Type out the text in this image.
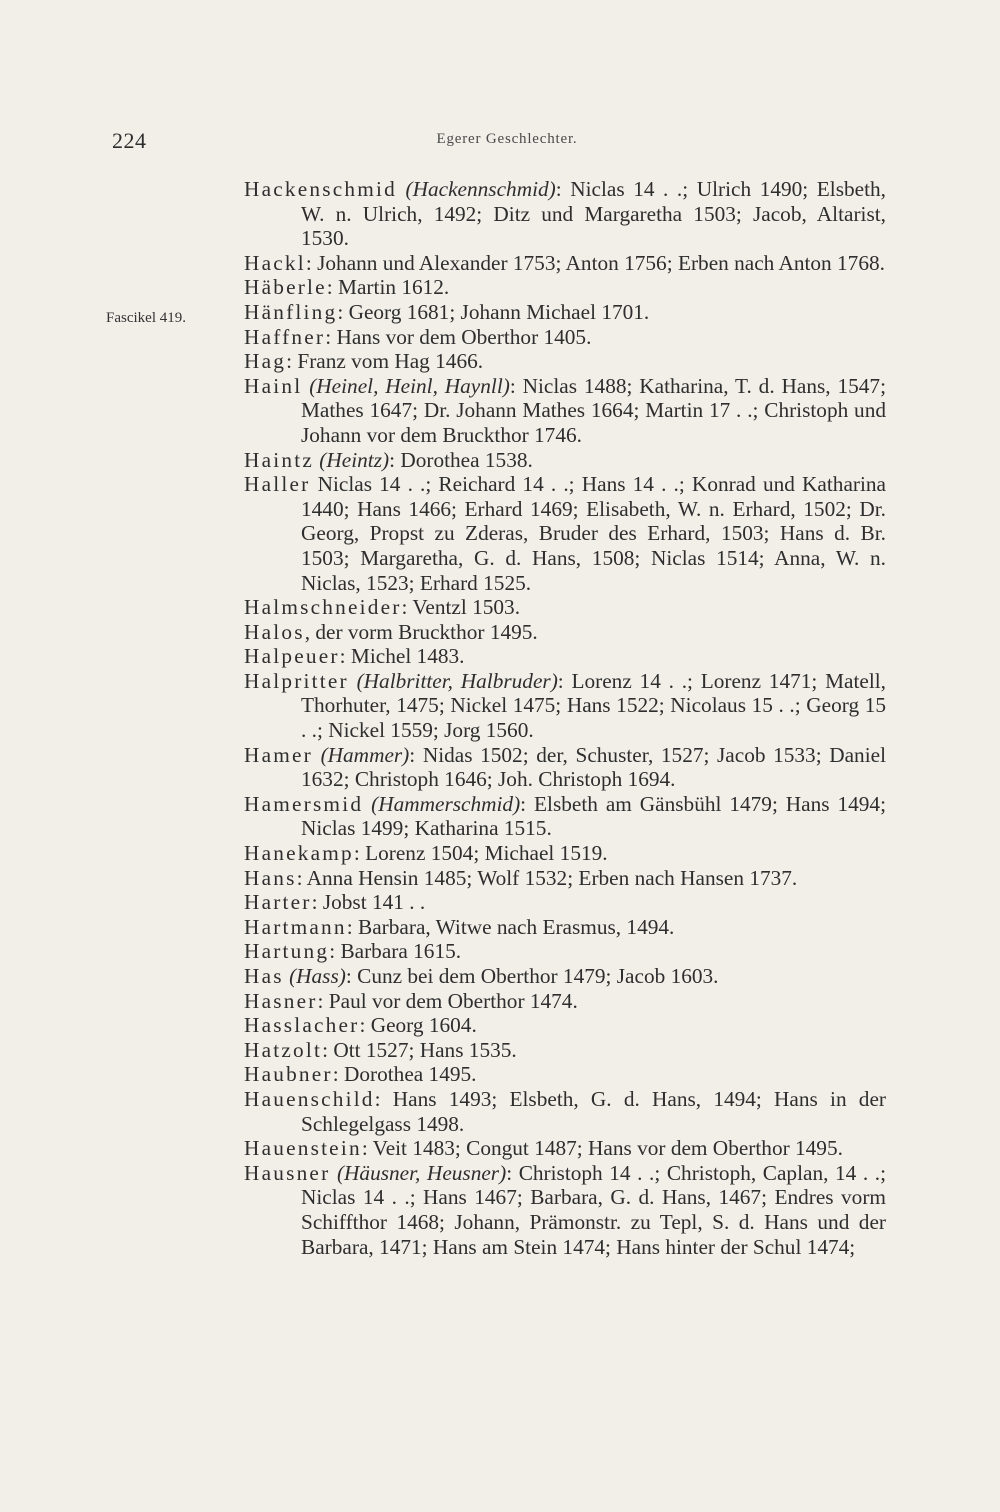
224	Egerer Geschlechter.
Fascikel 419.
Hackenschmid (Hackennschmid): Niclas 14 . .; Ulrich 1490; Elsbeth, W. n. Ulrich, 1492; Ditz und Margaretha 1503; Jacob, Altarist, 1530.
Hackl: Johann und Alexander 1753; Anton 1756; Erben nach Anton 1768.
Häberle: Martin 1612.
Hänfling: Georg 1681; Johann Michael 1701.
Haffner: Hans vor dem Oberthor 1405.
Hag: Franz vom Hag 1466.
Hainl (Heinel, Heinl, Haynll): Niclas 1488; Katharina, T. d. Hans, 1547; Mathes 1647; Dr. Johann Mathes 1664; Martin 17 . .; Christoph und Johann vor dem Bruckthor 1746.
Haintz (Heintz): Dorothea 1538.
Haller Niclas 14 . .; Reichard 14 . .; Hans 14 . .; Konrad und Katharina 1440; Hans 1466; Erhard 1469; Elisabeth, W. n. Erhard, 1502; Dr. Georg, Propst zu Zderas, Bruder des Erhard, 1503; Hans d. Br. 1503; Margaretha, G. d. Hans, 1508; Niclas 1514; Anna, W. n. Niclas, 1523; Erhard 1525.
Halmschneider: Ventzl 1503.
Halos, der vorm Bruckthor 1495.
Halpeuer: Michel 1483.
Halpritter (Halbritter, Halbruder): Lorenz 14 . .; Lorenz 1471; Matell, Thorhuter, 1475; Nickel 1475; Hans 1522; Nicolaus 15 . .; Georg 15 . .; Nickel 1559; Jorg 1560.
Hamer (Hammer): Nidas 1502; der, Schuster, 1527; Jacob 1533; Daniel 1632; Christoph 1646; Joh. Christoph 1694.
Hamersmid (Hammerschmid): Elsbeth am Gänsbühl 1479; Hans 1494; Niclas 1499; Katharina 1515.
Hanekamp: Lorenz 1504; Michael 1519.
Hans: Anna Hensin 1485; Wolf 1532; Erben nach Hansen 1737.
Harter: Jobst 141 . .
Hartmann: Barbara, Witwe nach Erasmus, 1494.
Hartung: Barbara 1615.
Has (Hass): Cunz bei dem Oberthor 1479; Jacob 1603.
Hasner: Paul vor dem Oberthor 1474.
Hasslacher: Georg 1604.
Hatzolt: Ott 1527; Hans 1535.
Haubner: Dorothea 1495.
Hauenschild: Hans 1493; Elsbeth, G. d. Hans, 1494; Hans in der Schlegelgass 1498.
Hauenstein: Veit 1483; Congut 1487; Hans vor dem Oberthor 1495.
Hausner (Häusner, Heusner): Christoph 14 . .; Christoph, Caplan, 14 . .; Niclas 14 . .; Hans 1467; Barbara, G. d. Hans, 1467; Endres vorm Schiffthor 1468; Johann, Prämonstr. zu Tepl, S. d. Hans und der Barbara, 1471; Hans am Stein 1474; Hans hinter der Schul 1474;
